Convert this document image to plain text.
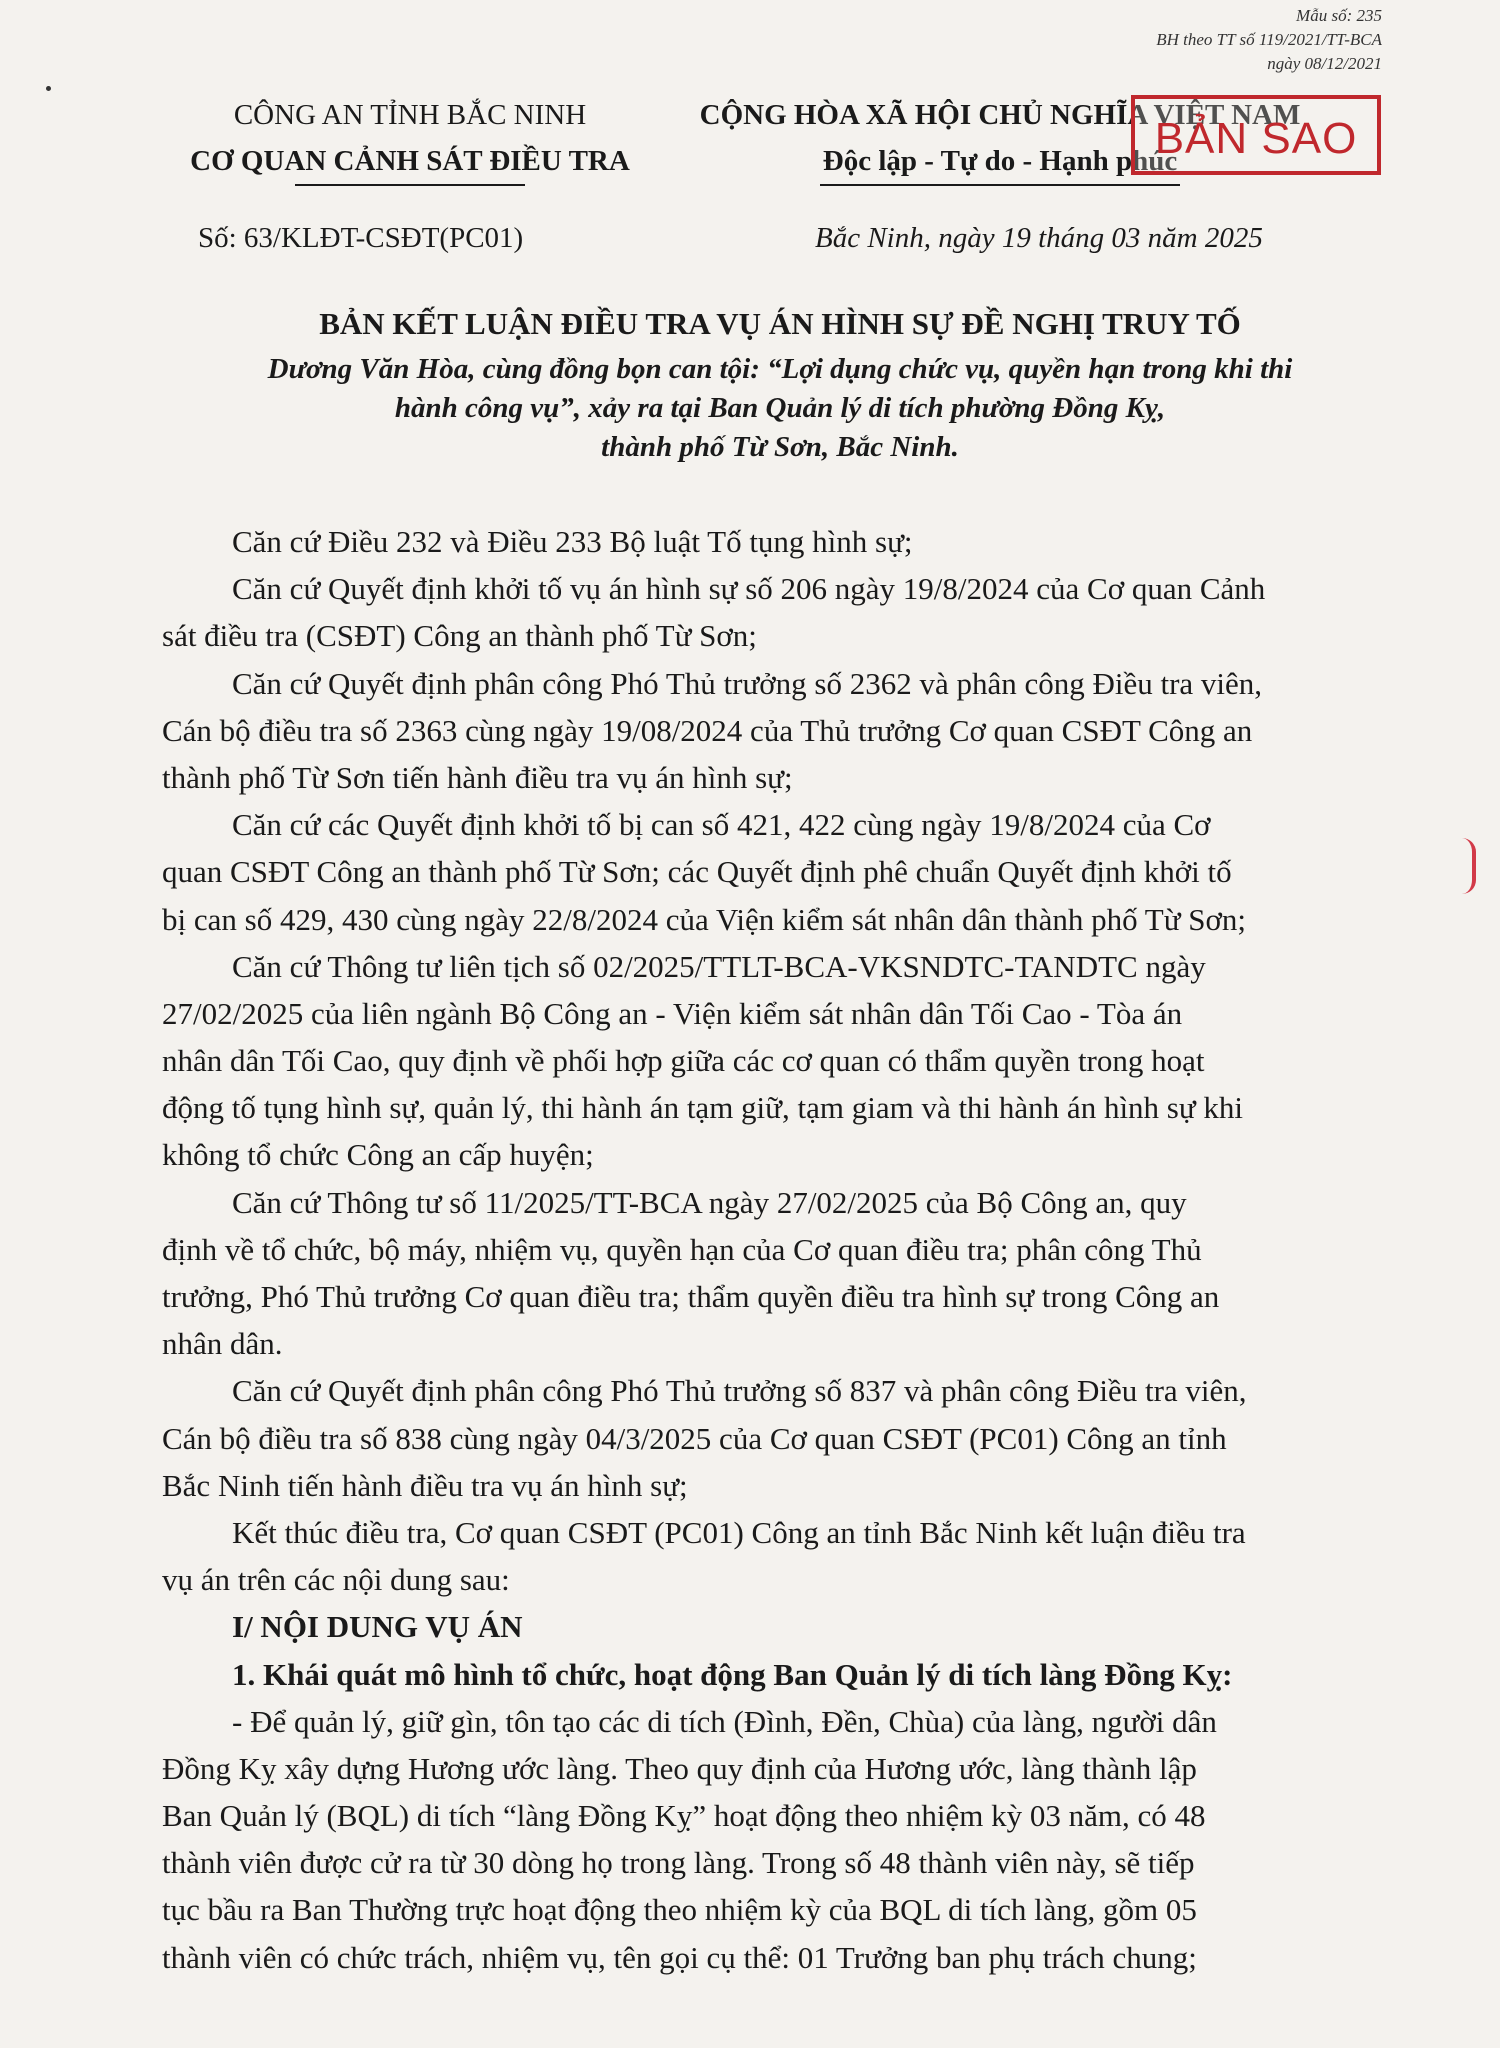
Mẫu số: 235
BH theo TT số 119/2021/TT-BCA
ngày 08/12/2021
CÔNG AN TỈNH BẮC NINH
CƠ QUAN CẢNH SÁT ĐIỀU TRA
CỘNG HÒA XÃ HỘI CHỦ NGHĨA VIỆT NAM
Độc lập - Tự do - Hạnh phúc
BẢN SAO
Số: 63/KLĐT-CSĐT(PC01)	Bắc Ninh, ngày 19 tháng 03 năm 2025
BẢN KẾT LUẬN ĐIỀU TRA VỤ ÁN HÌNH SỰ ĐỀ NGHỊ TRUY TỐ
Dương Văn Hòa, cùng đồng bọn can tội: “Lợi dụng chức vụ, quyền hạn trong khi thi
hành công vụ”, xảy ra tại Ban Quản lý di tích phường Đồng Kỵ,
thành phố Từ Sơn, Bắc Ninh.
Căn cứ Điều 232 và Điều 233 Bộ luật Tố tụng hình sự;
Căn cứ Quyết định khởi tố vụ án hình sự số 206 ngày 19/8/2024 của Cơ quan Cảnh
sát điều tra (CSĐT) Công an thành phố Từ Sơn;
Căn cứ Quyết định phân công Phó Thủ trưởng số 2362 và phân công Điều tra viên,
Cán bộ điều tra số 2363 cùng ngày 19/08/2024 của Thủ trưởng Cơ quan CSĐT Công an
thành phố Từ Sơn tiến hành điều tra vụ án hình sự;
Căn cứ các Quyết định khởi tố bị can số 421, 422 cùng ngày 19/8/2024 của Cơ
quan CSĐT Công an thành phố Từ Sơn; các Quyết định phê chuẩn Quyết định khởi tố
bị can số 429, 430 cùng ngày 22/8/2024 của Viện kiểm sát nhân dân thành phố Từ Sơn;
Căn cứ Thông tư liên tịch số 02/2025/TTLT-BCA-VKSNDTC-TANDTC ngày
27/02/2025 của liên ngành Bộ Công an - Viện kiểm sát nhân dân Tối Cao - Tòa án
nhân dân Tối Cao, quy định về phối hợp giữa các cơ quan có thẩm quyền trong hoạt
động tố tụng hình sự, quản lý, thi hành án tạm giữ, tạm giam và thi hành án hình sự khi
không tổ chức Công an cấp huyện;
Căn cứ Thông tư số 11/2025/TT-BCA ngày 27/02/2025 của Bộ Công an, quy
định về tổ chức, bộ máy, nhiệm vụ, quyền hạn của Cơ quan điều tra; phân công Thủ
trưởng, Phó Thủ trưởng Cơ quan điều tra; thẩm quyền điều tra hình sự trong Công an
nhân dân.
Căn cứ Quyết định phân công Phó Thủ trưởng số 837 và phân công Điều tra viên,
Cán bộ điều tra số 838 cùng ngày 04/3/2025 của Cơ quan CSĐT (PC01) Công an tỉnh
Bắc Ninh tiến hành điều tra vụ án hình sự;
Kết thúc điều tra, Cơ quan CSĐT (PC01) Công an tỉnh Bắc Ninh kết luận điều tra
vụ án trên các nội dung sau:
I/ NỘI DUNG VỤ ÁN
1. Khái quát mô hình tổ chức, hoạt động Ban Quản lý di tích làng Đồng Kỵ:
- Để quản lý, giữ gìn, tôn tạo các di tích (Đình, Đền, Chùa) của làng, người dân
Đồng Kỵ xây dựng Hương ước làng. Theo quy định của Hương ước, làng thành lập
Ban Quản lý (BQL) di tích “làng Đồng Kỵ” hoạt động theo nhiệm kỳ 03 năm, có 48
thành viên được cử ra từ 30 dòng họ trong làng. Trong số 48 thành viên này, sẽ tiếp
tục bầu ra Ban Thường trực hoạt động theo nhiệm kỳ của BQL di tích làng, gồm 05
thành viên có chức trách, nhiệm vụ, tên gọi cụ thể: 01 Trưởng ban phụ trách chung;
